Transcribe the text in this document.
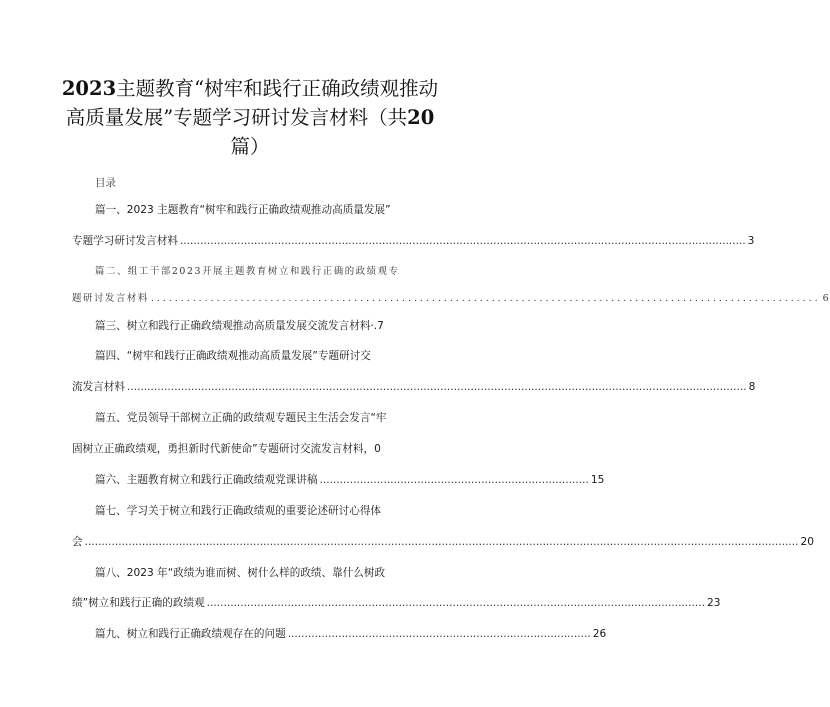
2023主题教育“树牢和践行正确政绩观推动
高质量发展”专题学习研讨发言材料（共20
篇）
目录
篇一、2023 主题教育“树牢和践行正确政绩观推动高质量发展”
专题学习研讨发言材料 ........................................................................................................................................................................ 3
篇二、组工干部2023开展主题教育树立和践行正确的政绩观专
题研讨发言材料 ................................................................................................................ 6
篇三、树立和践行正确政绩观推动高质量发展交流发言材料·.7
篇四、“树牢和践行正确政绩观推动高质量发展”专题研讨交
流发言材料 ........................................................................................................................................................................................ 8
篇五、党员领导干部树立正确的政绩观专题民主生活会发言“牢
固树立正确政绩观，勇担新时代新使命”专题研讨交流发言材料，0
篇六、主题教育树立和践行正确政绩观党课讲稿 ................................................................................ 15
篇七、学习关于树立和践行正确政绩观的重要论述研讨心得体
会 .................................................................................................................................................................................................................... 20
篇八、2023 年“政绩为谁而树、树什么样的政绩、靠什么树政
绩”树立和践行正确的政绩观 .................................................................................................................................................... 23
篇九、树立和践行正确政绩观存在的问题 .......................................................................................... 26
